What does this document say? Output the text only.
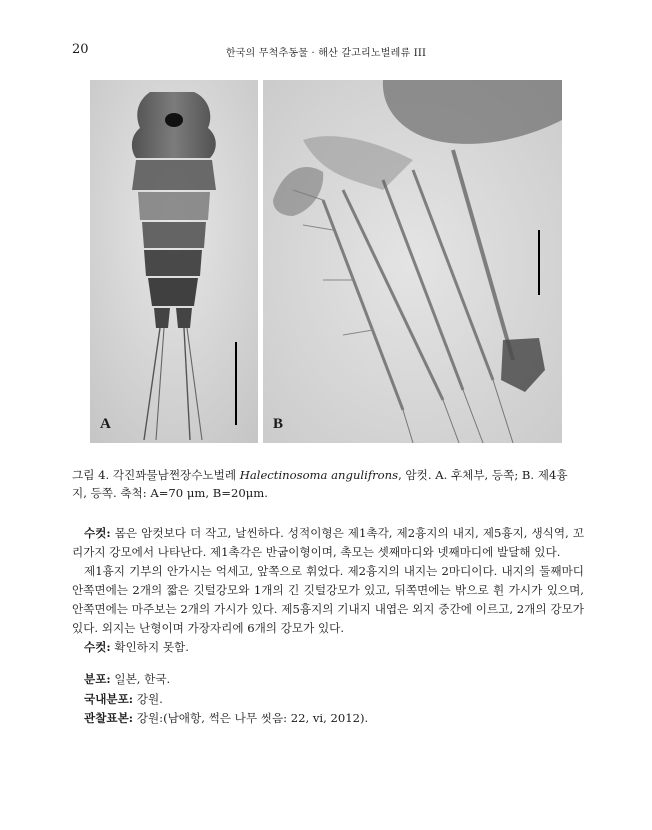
20	한국의 무척추동물 · 해산 갈고리노벌레류 III
A	B
그림 4. 각진꽈물남쩐장수노벌레 Halectinosoma angulifrons, 암컷. A. 후체부, 등쪽; B. 제4흉지, 등쪽. 축척: A=70 μm, B=20μm.

수컷: 몸은 암컷보다 더 작고, 날씬하다. 성적이형은 제1촉각, 제2흉지의 내지, 제5흉지, 생식역, 꼬리가지 강모에서 나타난다. 제1촉각은 반굽이형이며, 촉모는 셋째마디와 넷째마디에 발달해 있다.

제1흉지 기부의 안가시는 억세고, 앞쪽으로 휘었다. 제2흉지의 내지는 2마디이다. 내지의 둘째마디 안쪽면에는 2개의 짧은 깃털강모와 1개의 긴 깃털강모가 있고, 뒤쪽면에는 밖으로 휜 가시가 있으며, 안쪽면에는 마주보는 2개의 가시가 있다. 제5흉지의 기내지 내엽은 외지 중간에 이르고, 2개의 강모가 있다. 외지는 난형이며 가장자리에 6개의 강모가 있다.

수컷: 확인하지 못함.

분포: 일본, 한국.

국내분포: 강원.

관찰표본: 강원:(남애항, 썩은 나무 씻음: 22, vi, 2012).
